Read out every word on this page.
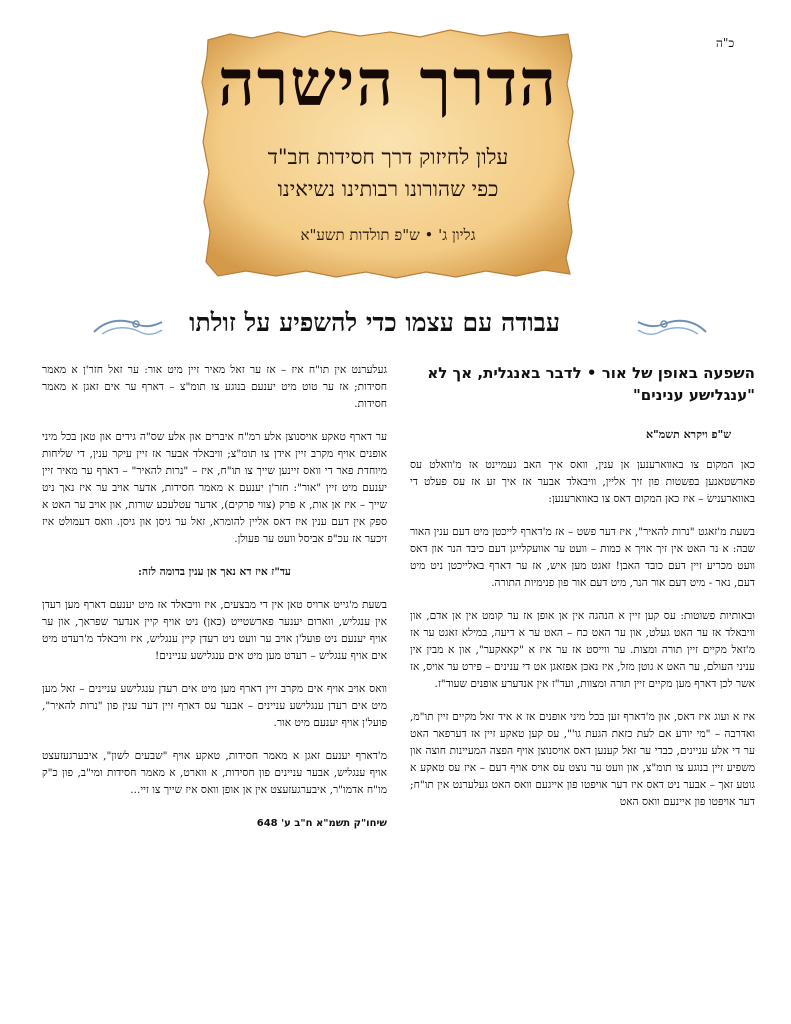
כ"ה
הדרך הישרה
עלון לחיזוק דרך חסידות חב"ד
כפי שהורונו רבותינו נשיאינו
גליון ג' • ש"פ תולדות תשע"א
עבודה עם עצמו כדי להשפיע על זולתו
השפעה באופן של אור • לדבר באנגלית, אך לא "ענגלישע ענינים"
ש"פ ויקרא תשמ"א

כאן המקום צו באווארענען אן ענין, וואס איך האב געמיינט אז מ'וואלט עס פארשטאנען בפשטות פון זיך אליין, וויבאלד אבער אז איך זע אז עס פעלט די באווארענישׂ – איז כאן המקום דאס צו באווארענען:

בשעת מ'זאגט "נרות להאיר", איז דער פשט – אז מ'דארף לייכטן מיט דעם ענין האור שבה: א נר האט אין זיך אויך א כמות – וועט ער אוועקלייגן דעם כיבד הנר און דאס וועט מכריע זיין דעם כובד האבן! זאגט מען איש, אז ער דארף באלייכטן ניט מיט דעם, נאר - מיט דעם אור הנר, מיט דעם אור פון פנימיות התורה.

ובאותיות פשוטות: עס קען זיין א הנהגה אין אן אופן אז ער קומט אין אן אדם, און וויבאלד אז ער האט געלט, און ער האט כח – האט ער א דיעה, במילא זאגט ער אז מ'זאל מקיים זיין תורה ומצות. ער ווייסט אז ער איז א "קאאקער", און א מבין אין עניני העולם, ער האט א גוטן מזל, איז נאכן אפזאגן אט די ענינים – פירט ער אויס, אז אשר לכן דארף מען מקיים זיין תורה ומצוות, ועד"ז אין אנדערע אופנים שעוד"ז.

איז א ועוג איז דאס, און מ'דארף זען בכל מיני אופנים אז א איד זאל מקיים זיין תו"מ, ואדרבה – "מי יודע אם לעת כזאת הגעת גו'", עס קען טאקע זיין אז דערפאר האט ער די אלע עניינים, כבדי ער זאל קענען דאס אויסנוצן אויף הפצה המעיינות חוצה און משפיע זיין בנוגע צו תומ"צ, און וועט ער נוצט עס אויס אויף דעם – איז עס טאקע א גוטע זאך – אבער ניט דאס איז דער אויפטו פון אייגעם וואס האט געלערנט אין תו"ח; דער אויפטו פון איינעם וואס האט

געלערנט אין תו"ח איז – אז ער זאל מאיר זיין מיט אור: ער זאל חזר'ן א מאמר חסידות; אז ער טוט מיט יענעם בנוגע צו תומ"צ – דארף ער אים זאגן א מאמר חסידות.

ער דארף טאקע אויסנוצן אלע רמ"ח איברים און אלע שס"ה גידים און טאן בכל מיני אופנים אויף מקרב זיין אידן צו תומ"צ; וויבאלד אבער אז זיין עיקר ענין, די שליחות מיוחדת פאר די וואס זיינען שייך צו תו"ח, איז – "נרות להאיר" – דארף ער מאיר זיין יענעם מיט זיין "אור": חזר'ן יענעם א מאמר חסידות, אדער אויב ער איז נאך ניט שייך – איז אן אות, א פרק (צווי פרקים), אדער עטלעכע שורות, און אויב ער האט א ספק אין דעם ענין איז דאס אליין להומרא, זאל ער גיסן און גיסן. וואס דעמולט איז זיכער אז עכ"פ אביסל וועט ער פעולן.

עד"ז איז דא נאך אן ענין בדומה לזה:

בשעת מ'גייט ארויס טאן אין די מבצעים, איז וויבאלד אז מיט יענעם דארף מען רעדן אין ענגליש, ווארום יענער פארשטייט (כאן) ניט אויף קיין אנדער שפראך, און ער אויף יענעם ניט פועל'ן אויב ער וועט ניט רעדן קיין ענגליש, איז וויבאלד מ'רעדט מיט אים אויף ענגליש – רעדט מען מיט אים ענגלישע עניינים!

וואס אויב אויף אים מקרב זיין דארף מען מיט אים רעדן ענגלישע עניינים – זאל מען מיט אים רעדן ענגלישע עניינים – אבער עס דארף זיין דער ענין פון "נרות להאיר", פועל'ן אויף יענעם מיט אור.

מ'דארף יענעם זאגן א מאמר חסידות, טאקע אויף "שבעים לשון", איבערגעזעצט אויף ענגליש, אבער עניינים פון חסידות, א ווארט, א מאמר חסידות ומי"ב, פון כ"ק מו"ח אדמו"ר, איבערגעזעצט אין אן אופן וואס איז שייך צו זיי...

שיחו"ק תשמ"א ח"ב ע' 648
